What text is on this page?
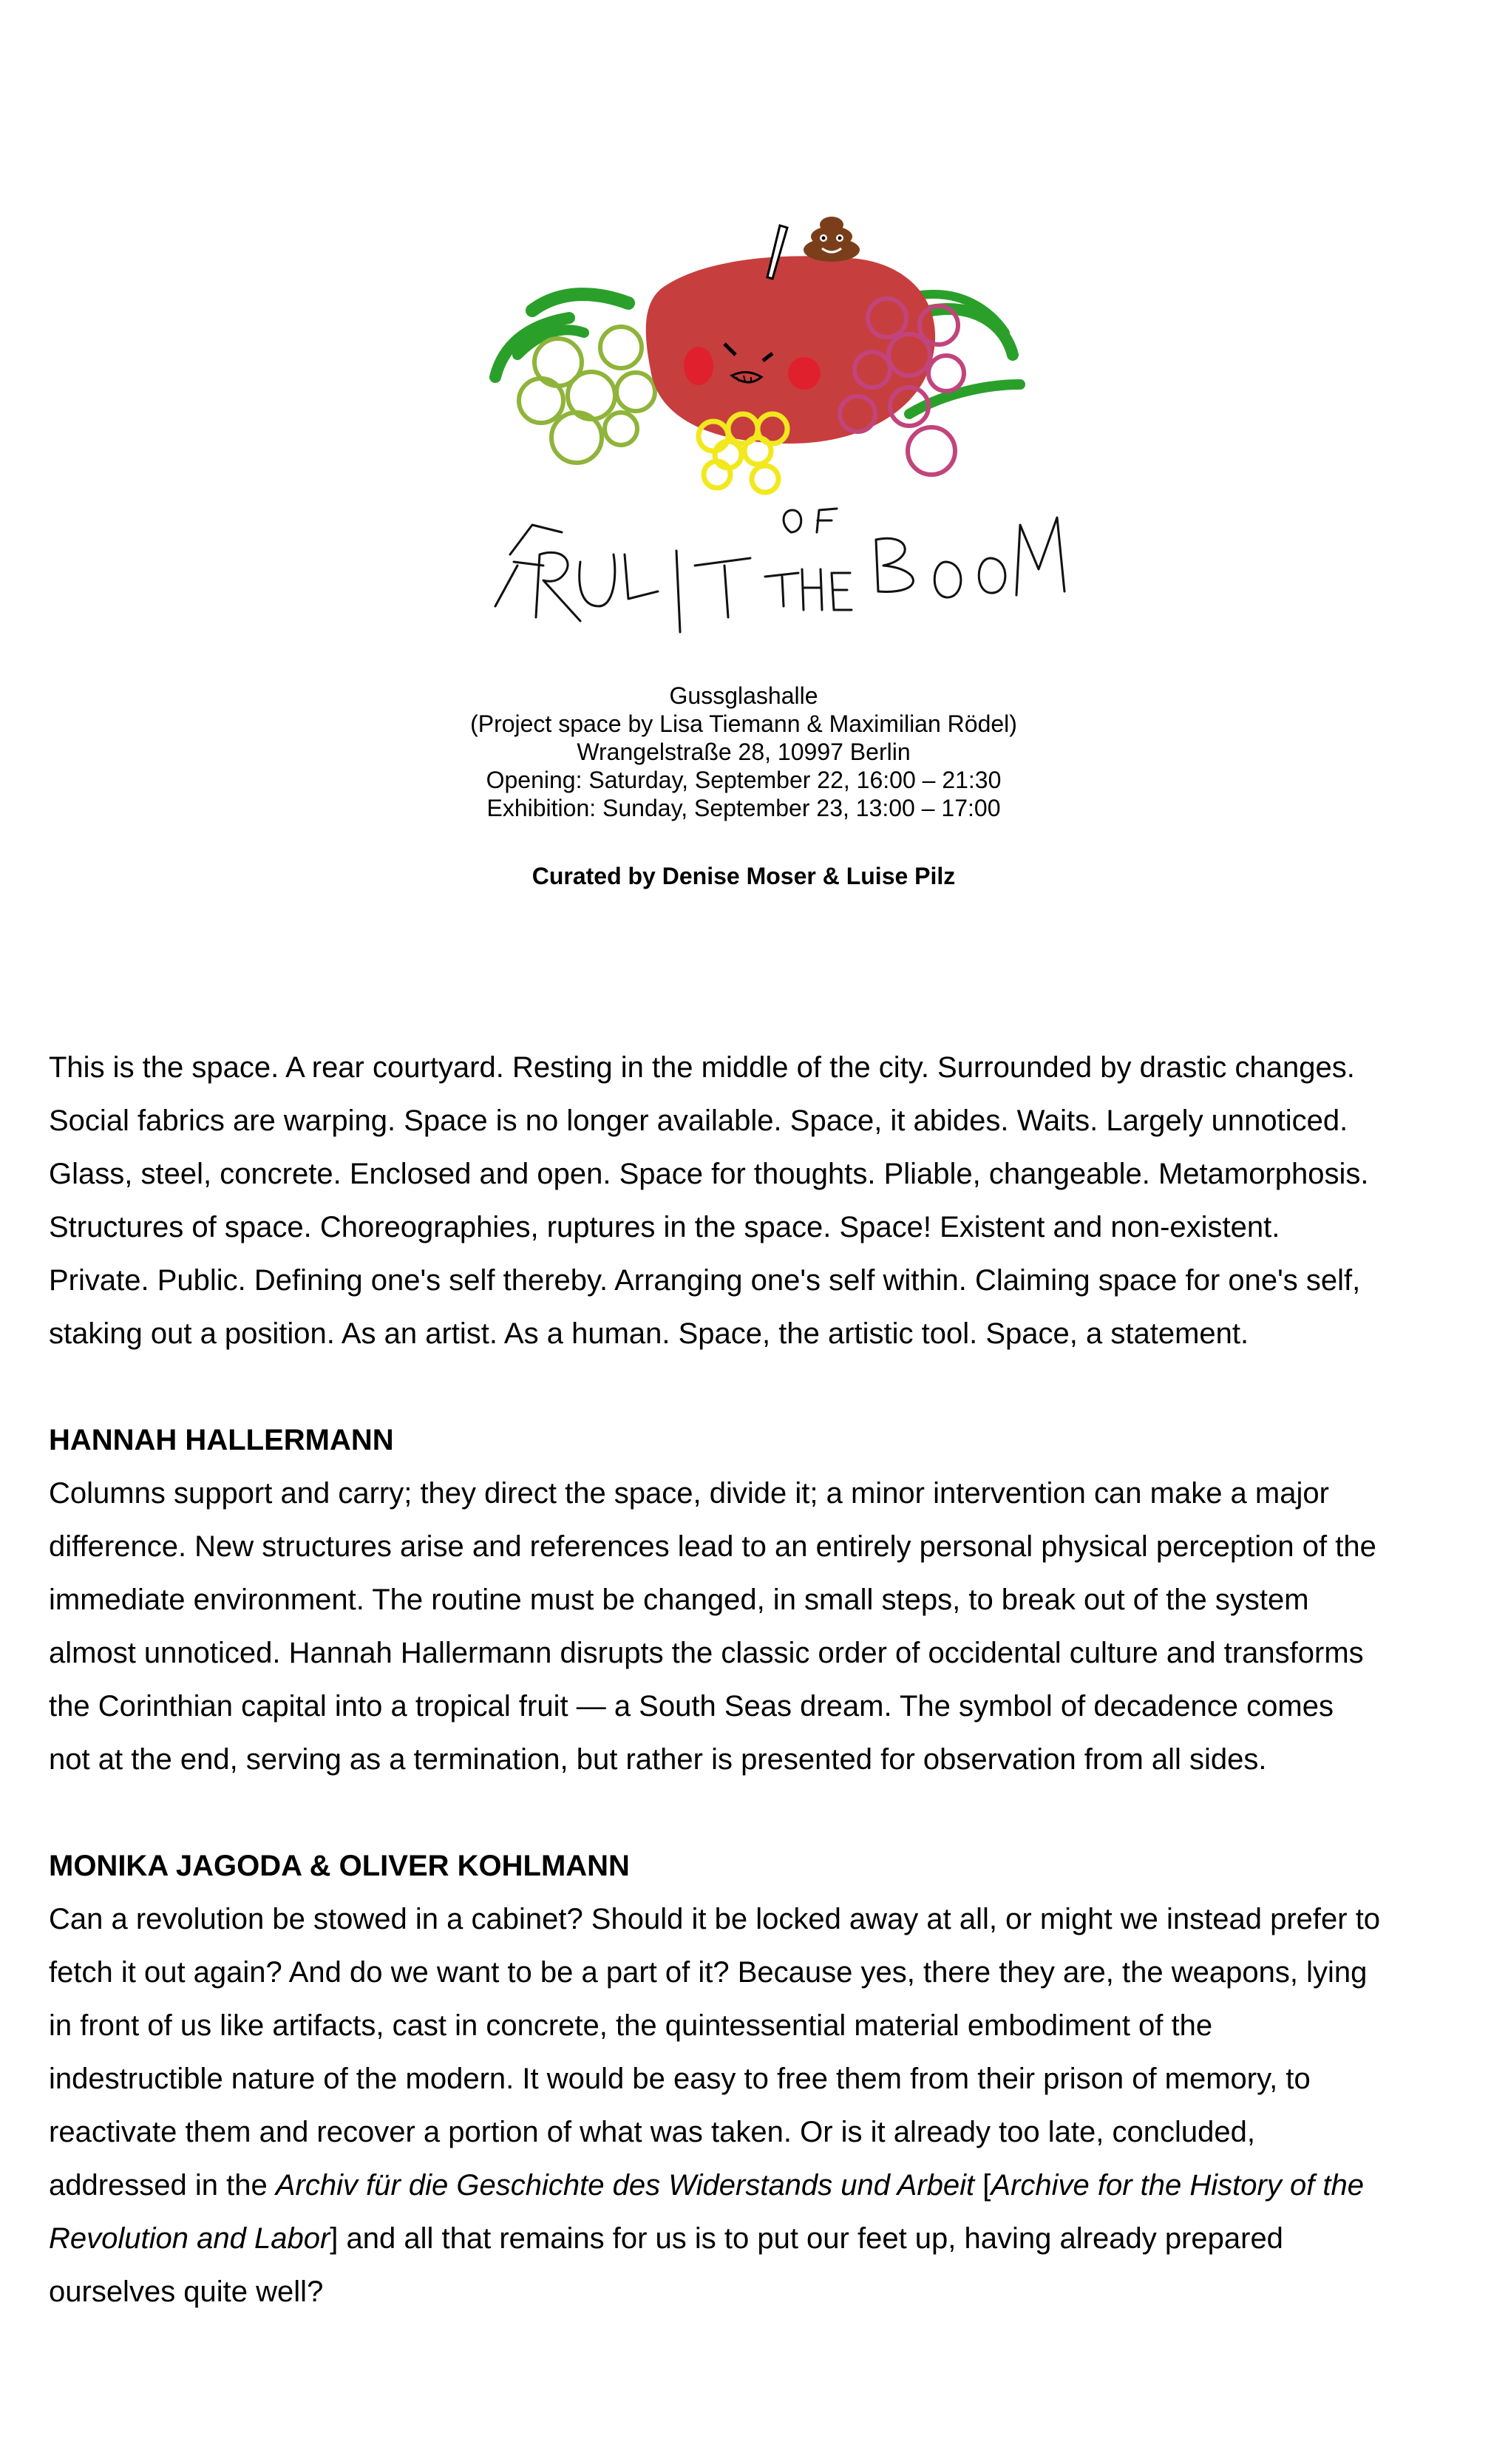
Gussglashalle
(Project space by Lisa Tiemann & Maximilian Rödel)
Wrangelstraße 28, 10997 Berlin
Opening: Saturday, September 22, 16:00 – 21:30
Exhibition: Sunday, September 23, 13:00 – 17:00
Curated by Denise Moser & Luise Pilz

This is the space. A rear courtyard. Resting in the middle of the city. Surrounded by drastic changes.

Social fabrics are warping. Space is no longer available. Space, it abides. Waits. Largely unnoticed.

Glass, steel, concrete. Enclosed and open. Space for thoughts. Pliable, changeable. Metamorphosis.

Structures of space. Choreographies, ruptures in the space. Space! Existent and non-existent.

Private. Public. Defining one's self thereby. Arranging one's self within. Claiming space for one's self,

staking out a position. As an artist. As a human. Space, the artistic tool. Space, a statement.

HANNAH HALLERMANN

Columns support and carry; they direct the space, divide it; a minor intervention can make a major

difference. New structures arise and references lead to an entirely personal physical perception of the

immediate environment. The routine must be changed, in small steps, to break out of the system

almost unnoticed. Hannah Hallermann disrupts the classic order of occidental culture and transforms

the Corinthian capital into a tropical fruit — a South Seas dream. The symbol of decadence comes

not at the end, serving as a termination, but rather is presented for observation from all sides.

MONIKA JAGODA & OLIVER KOHLMANN

Can a revolution be stowed in a cabinet? Should it be locked away at all, or might we instead prefer to

fetch it out again? And do we want to be a part of it? Because yes, there they are, the weapons, lying

in front of us like artifacts, cast in concrete, the quintessential material embodiment of the

indestructible nature of the modern. It would be easy to free them from their prison of memory, to

reactivate them and recover a portion of what was taken. Or is it already too late, concluded,

addressed in the Archiv für die Geschichte des Widerstands und Arbeit [Archive for the History of the

Revolution and Labor] and all that remains for us is to put our feet up, having already prepared

ourselves quite well?
